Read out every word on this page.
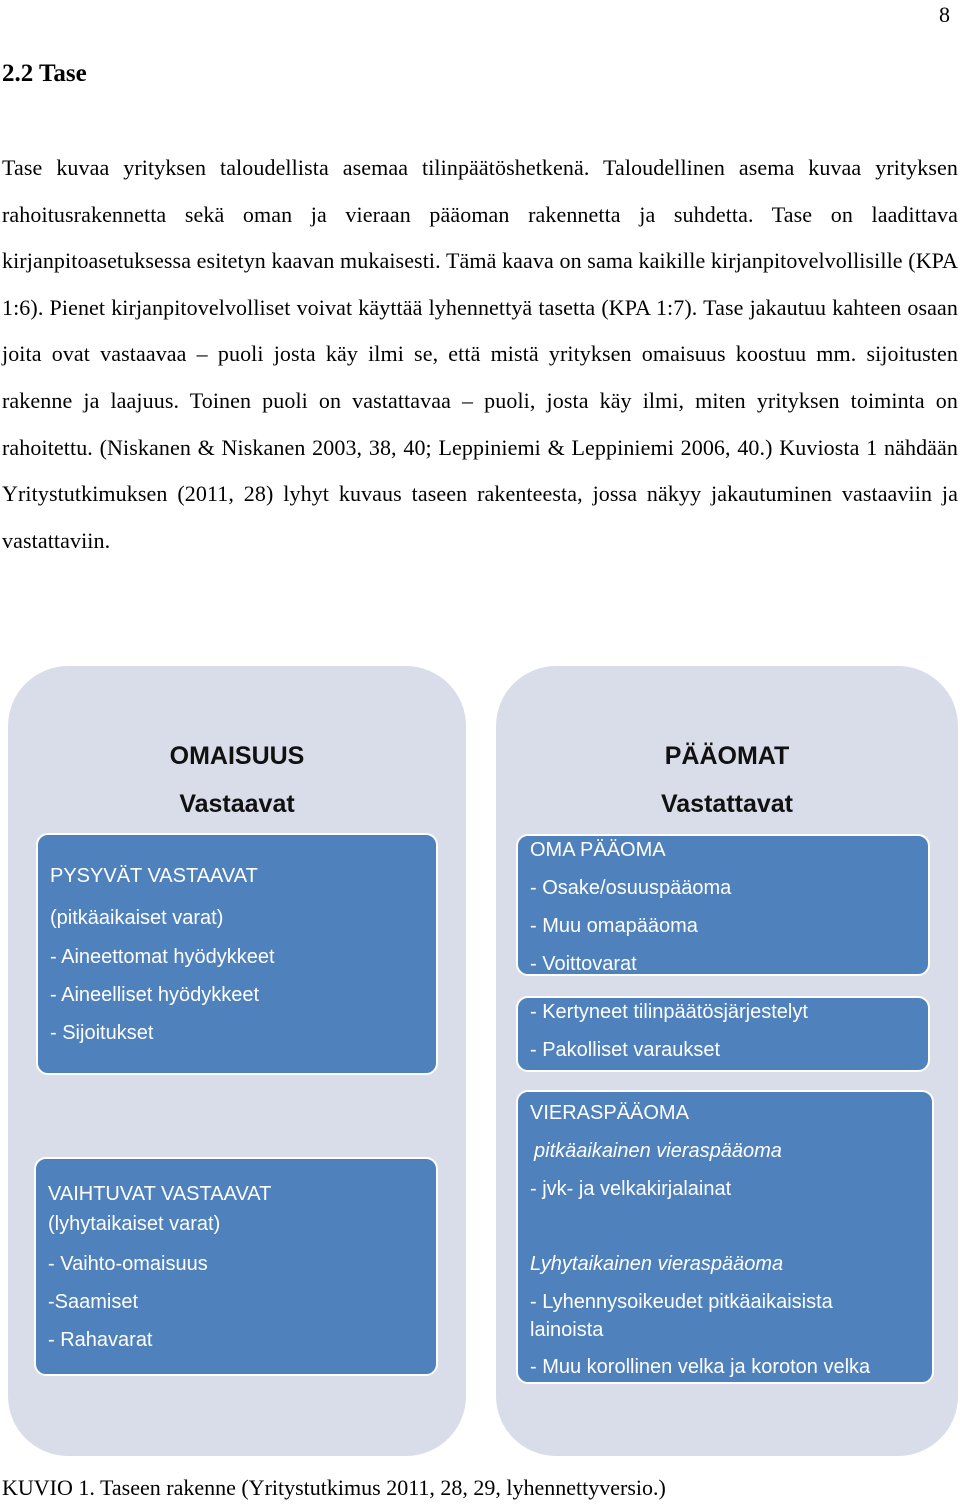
8
2.2 Tase

Tase kuvaa yrityksen taloudellista asemaa tilinpäätöshetkenä. Taloudellinen asema kuvaa yrityksen rahoitusrakennetta sekä oman ja vieraan pääoman rakennetta ja suhdetta. Tase on laadittava kirjanpitoasetuksessa esitetyn kaavan mukaisesti. Tämä kaava on sama kaikille kirjanpitovelvollisille (KPA 1:6). Pienet kirjanpitovelvolliset voivat käyttää lyhennettyä tasetta (KPA 1:7). Tase jakautuu kahteen osaan joita ovat vastaavaa – puoli josta käy ilmi se, että mistä yrityksen omaisuus koostuu mm. sijoitusten rakenne ja laajuus. Toinen puoli on vastattavaa – puoli, josta käy ilmi, miten yrityksen toiminta on rahoitettu. (Niskanen & Niskanen 2003, 38, 40; Leppiniemi & Leppiniemi 2006, 40.) Kuviosta 1 nähdään Yritystutkimuksen (2011, 28) lyhyt kuvaus taseen rakenteesta, jossa näkyy jakautuminen vastaaviin ja vastattaviin.

OMAISUUS
Vastaavat
PYSYVÄT VASTAAVAT
(pitkäaikaiset varat)
- Aineettomat hyödykkeet
- Aineelliset hyödykkeet
- Sijoitukset
VAIHTUVAT VASTAAVAT
(lyhytaikaiset varat)
- Vaihto-omaisuus
-Saamiset
- Rahavarat
PÄÄOMAT
Vastattavat
OMA PÄÄOMA
- Osake/osuuspääoma
- Muu omapääoma
- Voittovarat
- Kertyneet tilinpäätösjärjestelyt
- Pakolliset varaukset
VIERASPÄÄOMA
pitkäaikainen vieraspääoma
- jvk- ja velkakirjalainat
Lyhytaikainen vieraspääoma
- Lyhennysoikeudet pitkäaikaisista
lainoista
- Muu korollinen velka ja koroton velka
KUVIO 1. Taseen rakenne (Yritystutkimus 2011, 28, 29, lyhennettyversio.)
